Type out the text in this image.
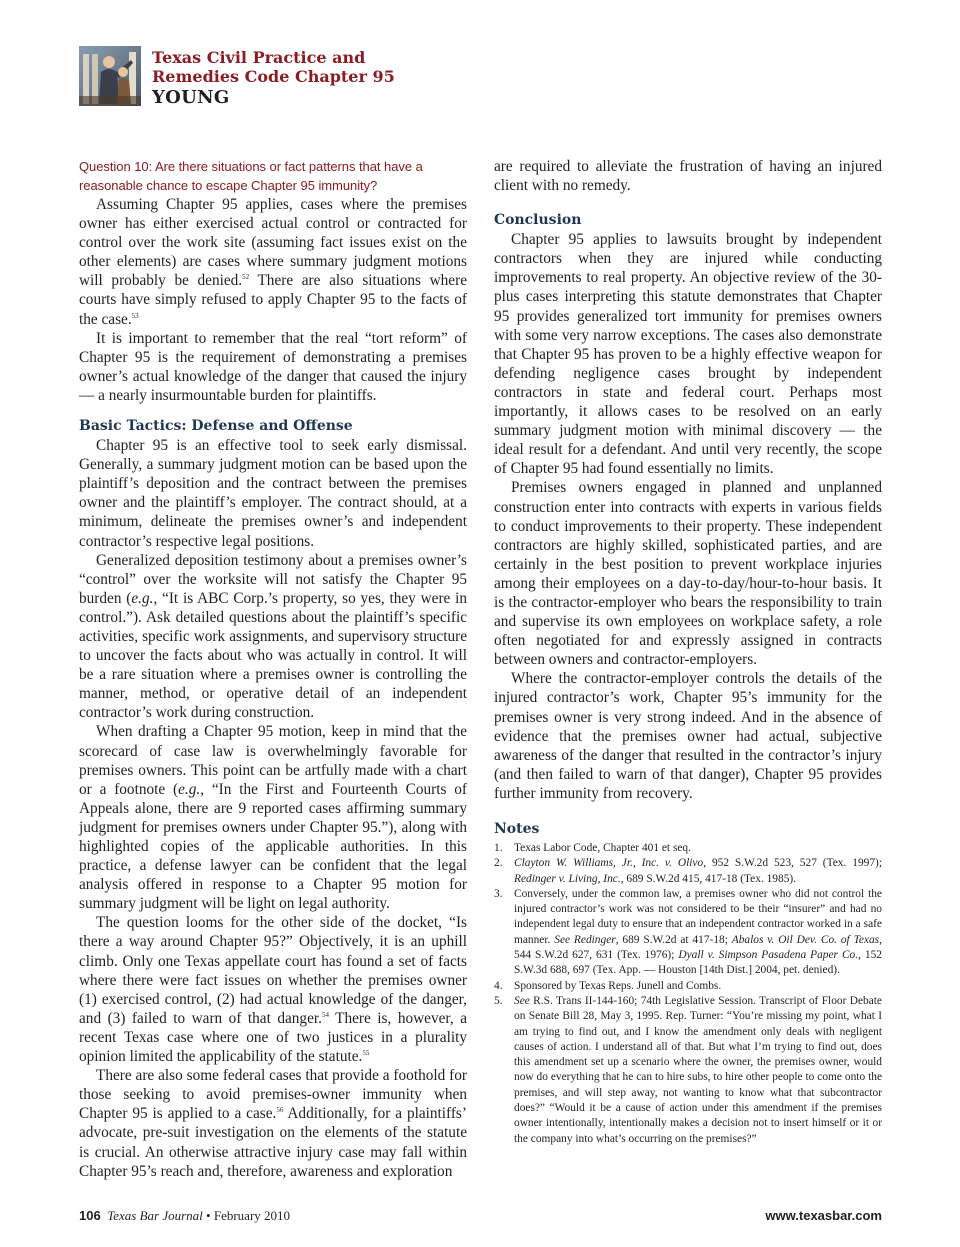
Texas Civil Practice and
Remedies Code Chapter 95
YOUNG
Question 10: Are there situations or fact patterns that have a reasonable chance to escape Chapter 95 immunity?

Assuming Chapter 95 applies, cases where the premises owner has either exercised actual control or contracted for control over the work site (assuming fact issues exist on the other elements) are cases where summary judgment motions will probably be denied.$^{52}$ There are also situations where courts have simply refused to apply Chapter 95 to the facts of the case.$^{53}$

It is important to remember that the real “tort reform” of Chapter 95 is the requirement of demonstrating a premises owner’s actual knowledge of the danger that caused the injury — a nearly insurmountable burden for plaintiffs.

Basic Tactics: Defense and Offense

Chapter 95 is an effective tool to seek early dismissal. Generally, a summary judgment motion can be based upon the plaintiff’s deposition and the contract between the premises owner and the plaintiff’s employer. The contract should, at a minimum, delineate the premises owner’s and independent contractor’s respective legal positions.

Generalized deposition testimony about a premises owner’s “control” over the worksite will not satisfy the Chapter 95 burden (e.g., “It is ABC Corp.’s property, so yes, they were in control.”). Ask detailed questions about the plaintiff’s specific activities, specific work assignments, and supervisory structure to uncover the facts about who was actually in control. It will be a rare situation where a premises owner is controlling the manner, method, or operative detail of an independent contractor’s work during construction.

When drafting a Chapter 95 motion, keep in mind that the scorecard of case law is overwhelmingly favorable for premises owners. This point can be artfully made with a chart or a footnote (e.g., “In the First and Fourteenth Courts of Appeals alone, there are 9 reported cases affirming summary judgment for premises owners under Chapter 95.”), along with highlighted copies of the applicable authorities. In this practice, a defense lawyer can be confident that the legal analysis offered in response to a Chapter 95 motion for summary judgment will be light on legal authority.

The question looms for the other side of the docket, “Is there a way around Chapter 95?” Objectively, it is an uphill climb. Only one Texas appellate court has found a set of facts where there were fact issues on whether the premises owner (1) exercised control, (2) had actual knowledge of the danger, and (3) failed to warn of that danger.$^{54}$ There is, however, a recent Texas case where one of two justices in a plurality opinion limited the applicability of the statute.$^{55}$

There are also some federal cases that provide a foothold for those seeking to avoid premises-owner immunity when Chapter 95 is applied to a case.$^{56}$ Additionally, for a plaintiffs’ advocate, pre-suit investigation on the elements of the statute is crucial. An otherwise attractive injury case may fall within Chapter 95’s reach and, therefore, awareness and exploration

are required to alleviate the frustration of having an injured client with no remedy.

Conclusion

Chapter 95 applies to lawsuits brought by independent contractors when they are injured while conducting improvements to real property. An objective review of the 30-plus cases interpreting this statute demonstrates that Chapter 95 provides generalized tort immunity for premises owners with some very narrow exceptions. The cases also demonstrate that Chapter 95 has proven to be a highly effective weapon for defending negligence cases brought by independent contractors in state and federal court. Perhaps most importantly, it allows cases to be resolved on an early summary judgment motion with minimal discovery — the ideal result for a defendant. And until very recently, the scope of Chapter 95 had found essentially no limits.

Premises owners engaged in planned and unplanned construction enter into contracts with experts in various fields to conduct improvements to their property. These independent contractors are highly skilled, sophisticated parties, and are certainly in the best position to prevent workplace injuries among their employees on a day-to-day/hour-to-hour basis. It is the contractor-employer who bears the responsibility to train and supervise its own employees on workplace safety, a role often negotiated for and expressly assigned in contracts between owners and contractor-employers.

Where the contractor-employer controls the details of the injured contractor’s work, Chapter 95’s immunity for the premises owner is very strong indeed. And in the absence of evidence that the premises owner had actual, subjective awareness of the danger that resulted in the contractor’s injury (and then failed to warn of that danger), Chapter 95 provides further immunity from recovery.

Notes
1. Texas Labor Code, Chapter 401 et seq.
2. Clayton W. Williams, Jr., Inc. v. Olivo, 952 S.W.2d 523, 527 (Tex. 1997); Redinger v. Living, Inc., 689 S.W.2d 415, 417-18 (Tex. 1985).
3. Conversely, under the common law, a premises owner who did not control the injured contractor’s work was not considered to be their “insurer” and had no independent legal duty to ensure that an independent contractor worked in a safe manner. See Redinger, 689 S.W.2d at 417-18; Abalos v. Oil Dev. Co. of Texas, 544 S.W.2d 627, 631 (Tex. 1976); Dyall v. Simpson Pasadena Paper Co., 152 S.W.3d 688, 697 (Tex. App. — Houston [14th Dist.] 2004, pet. denied).
4. Sponsored by Texas Reps. Junell and Combs.
5. See R.S. Trans II-144-160; 74th Legislative Session. Transcript of Floor Debate on Senate Bill 28, May 3, 1995. Rep. Turner: “You’re missing my point, what I am trying to find out, and I know the amendment only deals with negligent causes of action. I understand all of that. But what I’m trying to find out, does this amendment set up a scenario where the owner, the premises owner, would now do everything that he can to hire subs, to hire other people to come onto the premises, and will step away, not wanting to know what that subcontractor does?” “Would it be a cause of action under this amendment if the premises owner intentionally, intentionally makes a decision not to insert himself or it or the company into what’s occurring on the premises?”
106 Texas Bar Journal • February 2010	www.texasbar.com
